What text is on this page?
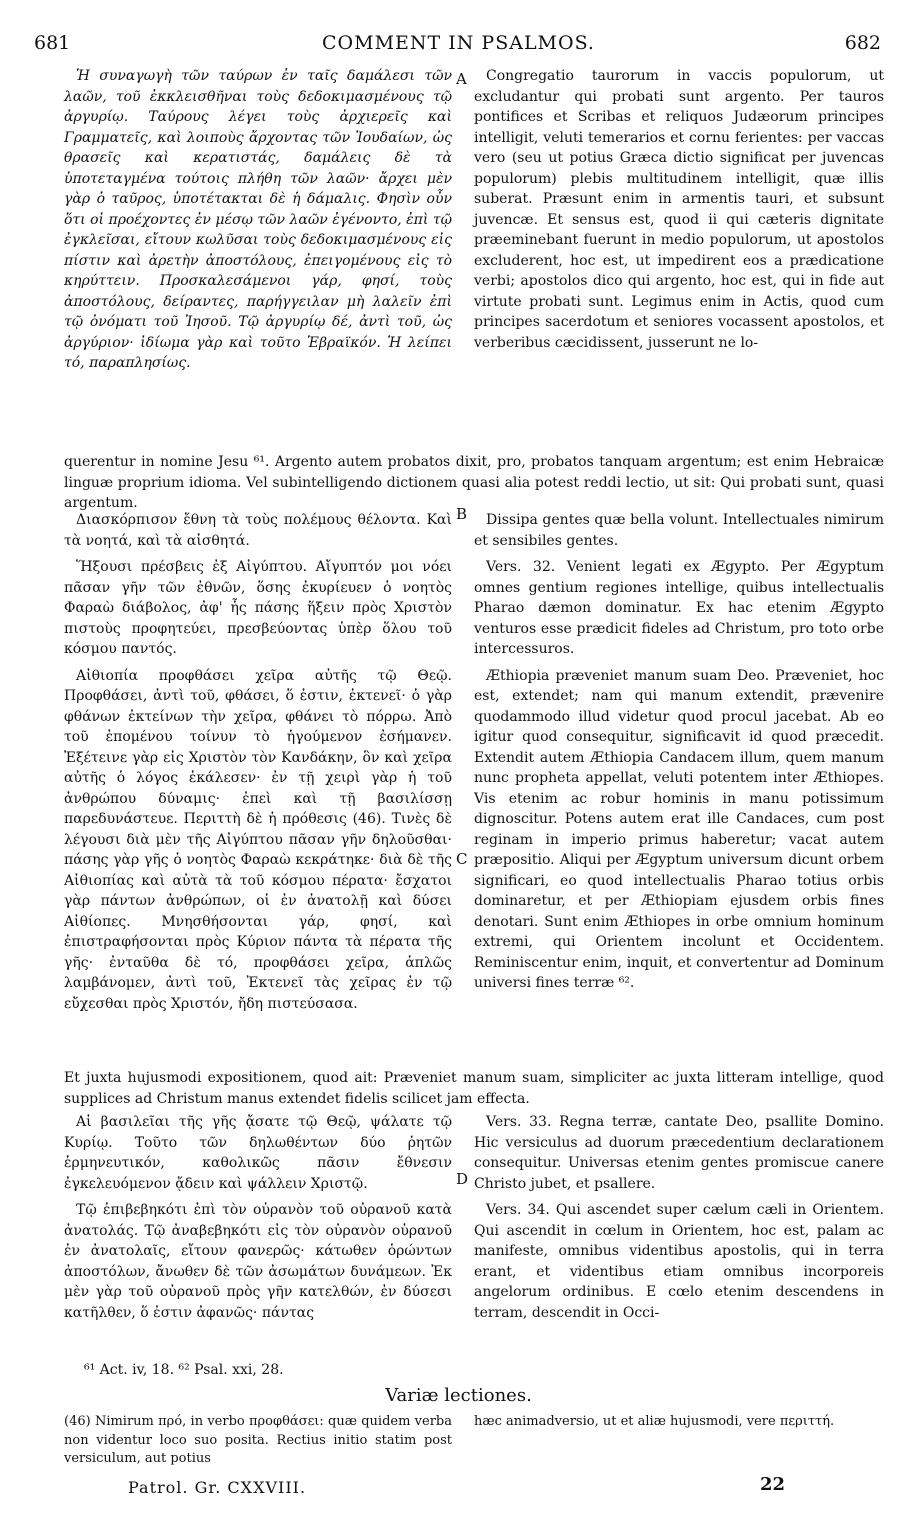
681	COMMENT IN PSALMOS.	682
A
B
C
D

Ἡ συναγωγὴ τῶν ταύρων ἐν ταῖς δαμάλεσι τῶν λαῶν, τοῦ ἐκκλεισθῆναι τοὺς δεδοκιμασμένους τῷ ἀργυρίῳ. Ταύρους λέγει τοὺς ἀρχιερεῖς καὶ Γραμματεῖς, καὶ λοιποὺς ἄρχοντας τῶν Ἰουδαίων, ὡς θρασεῖς καὶ κερατιστάς, δαμάλεις δὲ τὰ ὑποτεταγμένα τούτοις πλήθη τῶν λαῶν· ἄρχει μὲν γὰρ ὁ ταῦρος, ὑποτέτακται δὲ ἡ δάμαλις. Φησὶν οὖν ὅτι οἱ προέχοντες ἐν μέσῳ τῶν λαῶν ἐγένοντο, ἐπὶ τῷ ἐγκλεῖσαι, εἴτουν κωλῦσαι τοὺς δεδοκιμασμένους εἰς πίστιν καὶ ἀρετὴν ἀποστόλους, ἐπειγομένους εἰς τὸ κηρύττειν. Προσκαλεσάμενοι γάρ, φησί, τοὺς ἀποστόλους, δείραντες, παρήγγειλαν μὴ λαλεῖν ἐπὶ τῷ ὀνόματι τοῦ Ἰησοῦ. Τῷ ἀργυρίῳ δέ, ἀντὶ τοῦ, ὡς ἀργύριον· ἰδίωμα γὰρ καὶ τοῦτο Ἑβραϊκόν. Ἡ λείπει τό, παραπλησίως.

Congregatio taurorum in vaccis populorum, ut excludantur qui probati sunt argento. Per tauros pontifices et Scribas et reliquos Judæorum principes intelligit, veluti temerarios et cornu ferientes: per vaccas vero (seu ut potius Græca dictio significat per juvencas populorum) plebis multitudinem intelligit, quæ illis suberat. Præsunt enim in armentis tauri, et subsunt juvencæ. Et sensus est, quod ii qui cæteris dignitate præeminebant fuerunt in medio populorum, ut apostolos excluderent, hoc est, ut impedirent eos a prædicatione verbi; apostolos dico qui argento, hoc est, qui in fide aut virtute probati sunt. Legimus enim in Actis, quod cum principes sacerdotum et seniores vocassent apostolos, et verberibus cæcidissent, jusserunt ne lo-

querentur in nomine Jesu ⁶¹. Argento autem probatos dixit, pro, probatos tanquam argentum; est enim Hebraicæ linguæ proprium idioma. Vel subintelligendo dictionem quasi alia potest reddi lectio, ut sit: Qui probati sunt, quasi argentum.

Διασκόρπισον ἔθνη τὰ τοὺς πολέμους θέλοντα. Καὶ τὰ νοητά, καὶ τὰ αἰσθητά.

Ἥξουσι πρέσβεις ἐξ Αἰγύπτου. Αἴγυπτόν μοι νόει πᾶσαν γῆν τῶν ἐθνῶν, ὅσης ἐκυρίευεν ὁ νοητὸς Φαραὼ διάβολος, ἀφ' ἧς πάσης ἥξειν πρὸς Χριστὸν πιστοὺς προφητεύει, πρεσβεύοντας ὑπὲρ ὅλου τοῦ κόσμου παντός.

Αἰθιοπία προφθάσει χεῖρα αὐτῆς τῷ Θεῷ. Προφθάσει, ἀντὶ τοῦ, φθάσει, ὅ ἐστιν, ἐκτενεῖ· ὁ γὰρ φθάνων ἐκτείνων τὴν χεῖρα, φθάνει τὸ πόρρω. Ἀπὸ τοῦ ἑπομένου τοίνυν τὸ ἡγούμενον ἐσήμανεν. Ἐξέτεινε γὰρ εἰς Χριστὸν τὸν Κανδάκην, ὃν καὶ χεῖρα αὐτῆς ὁ λόγος ἐκάλεσεν· ἐν τῇ χειρὶ γὰρ ἡ τοῦ ἀνθρώπου δύναμις· ἐπεὶ καὶ τῇ βασιλίσσῃ παρεδυνάστευε. Περιττὴ δὲ ἡ πρόθεσις (46). Τινὲς δὲ λέγουσι διὰ μὲν τῆς Αἰγύπτου πᾶσαν γῆν δηλοῦσθαι· πάσης γὰρ γῆς ὁ νοητὸς Φαραὼ κεκράτηκε· διὰ δὲ τῆς Αἰθιοπίας καὶ αὐτὰ τὰ τοῦ κόσμου πέρατα· ἔσχατοι γὰρ πάντων ἀνθρώπων, οἱ ἐν ἀνατολῇ καὶ δύσει Αἰθίοπες. Μνησθήσονται γάρ, φησί, καὶ ἐπιστραφήσονται πρὸς Κύριον πάντα τὰ πέρατα τῆς γῆς· ἐνταῦθα δὲ τό, προφθάσει χεῖρα, ἁπλῶς λαμβάνομεν, ἀντὶ τοῦ, Ἐκτενεῖ τὰς χεῖρας ἐν τῷ εὔχεσθαι πρὸς Χριστόν, ἤδη πιστεύσασα.

Dissipa gentes quæ bella volunt. Intellectuales nimirum et sensibiles gentes.

Vers. 32. Venient legati ex Ægypto. Per Ægyptum omnes gentium regiones intellige, quibus intellectualis Pharao dæmon dominatur. Ex hac etenim Ægypto venturos esse prædicit fideles ad Christum, pro toto orbe intercessuros.

Æthiopia præveniet manum suam Deo. Præveniet, hoc est, extendet; nam qui manum extendit, prævenire quodammodo illud videtur quod procul jacebat. Ab eo igitur quod consequitur, significavit id quod præcedit. Extendit autem Æthiopia Candacem illum, quem manum nunc propheta appellat, veluti potentem inter Æthiopes. Vis etenim ac robur hominis in manu potissimum dignoscitur. Potens autem erat ille Candaces, cum post reginam in imperio primus haberetur; vacat autem præpositio. Aliqui per Ægyptum universum dicunt orbem significari, eo quod intellectualis Pharao totius orbis dominaretur, et per Æthiopiam ejusdem orbis fines denotari. Sunt enim Æthiopes in orbe omnium hominum extremi, qui Orientem incolunt et Occidentem. Reminiscentur enim, inquit, et convertentur ad Dominum universi fines terræ ⁶².

Et juxta hujusmodi expositionem, quod ait: Præveniet manum suam, simpliciter ac juxta litteram intellige, quod supplices ad Christum manus extendet fidelis scilicet jam effecta.

Αἱ βασιλεῖαι τῆς γῆς ᾄσατε τῷ Θεῷ, ψάλατε τῷ Κυρίῳ. Τοῦτο τῶν δηλωθέντων δύο ῥητῶν ἑρμηνευτικόν, καθολικῶς πᾶσιν ἔθνεσιν ἐγκελευόμενον ᾄδειν καὶ ψάλλειν Χριστῷ.

Τῷ ἐπιβεβηκότι ἐπὶ τὸν οὐρανὸν τοῦ οὐρανοῦ κατὰ ἀνατολάς. Τῷ ἀναβεβηκότι εἰς τὸν οὐρανὸν οὐρανοῦ ἐν ἀνατολαῖς, εἴτουν φανερῶς· κάτωθεν ὁρώντων ἀποστόλων, ἄνωθεν δὲ τῶν ἀσωμάτων δυνάμεων. Ἐκ μὲν γὰρ τοῦ οὐρανοῦ πρὸς γῆν κατελθών, ἐν δύσεσι κατῆλθεν, ὅ ἐστιν ἀφανῶς· πάντας

Vers. 33. Regna terræ, cantate Deo, psallite Domino. Hic versiculus ad duorum præcedentium declarationem consequitur. Universas etenim gentes promiscue canere Christo jubet, et psallere.

Vers. 34. Qui ascendet super cælum cæli in Orientem. Qui ascendit in cœlum in Orientem, hoc est, palam ac manifeste, omnibus videntibus apostolis, qui in terra erant, et videntibus etiam omnibus incorporeis angelorum ordinibus. E cœlo etenim descendens in terram, descendit in Occi-

⁶¹ Act. iv, 18. ⁶² Psal. xxi, 28.
Variæ lectiones.
(46) Nimirum πρό, in verbo προφθάσει: quæ quidem verba non videntur loco suo posita. Rectius initio statim post versiculum, aut potius
hæc animadversio, ut et aliæ hujusmodi, vere περιττή.
Patrol. Gr. CXXVIII.	22
